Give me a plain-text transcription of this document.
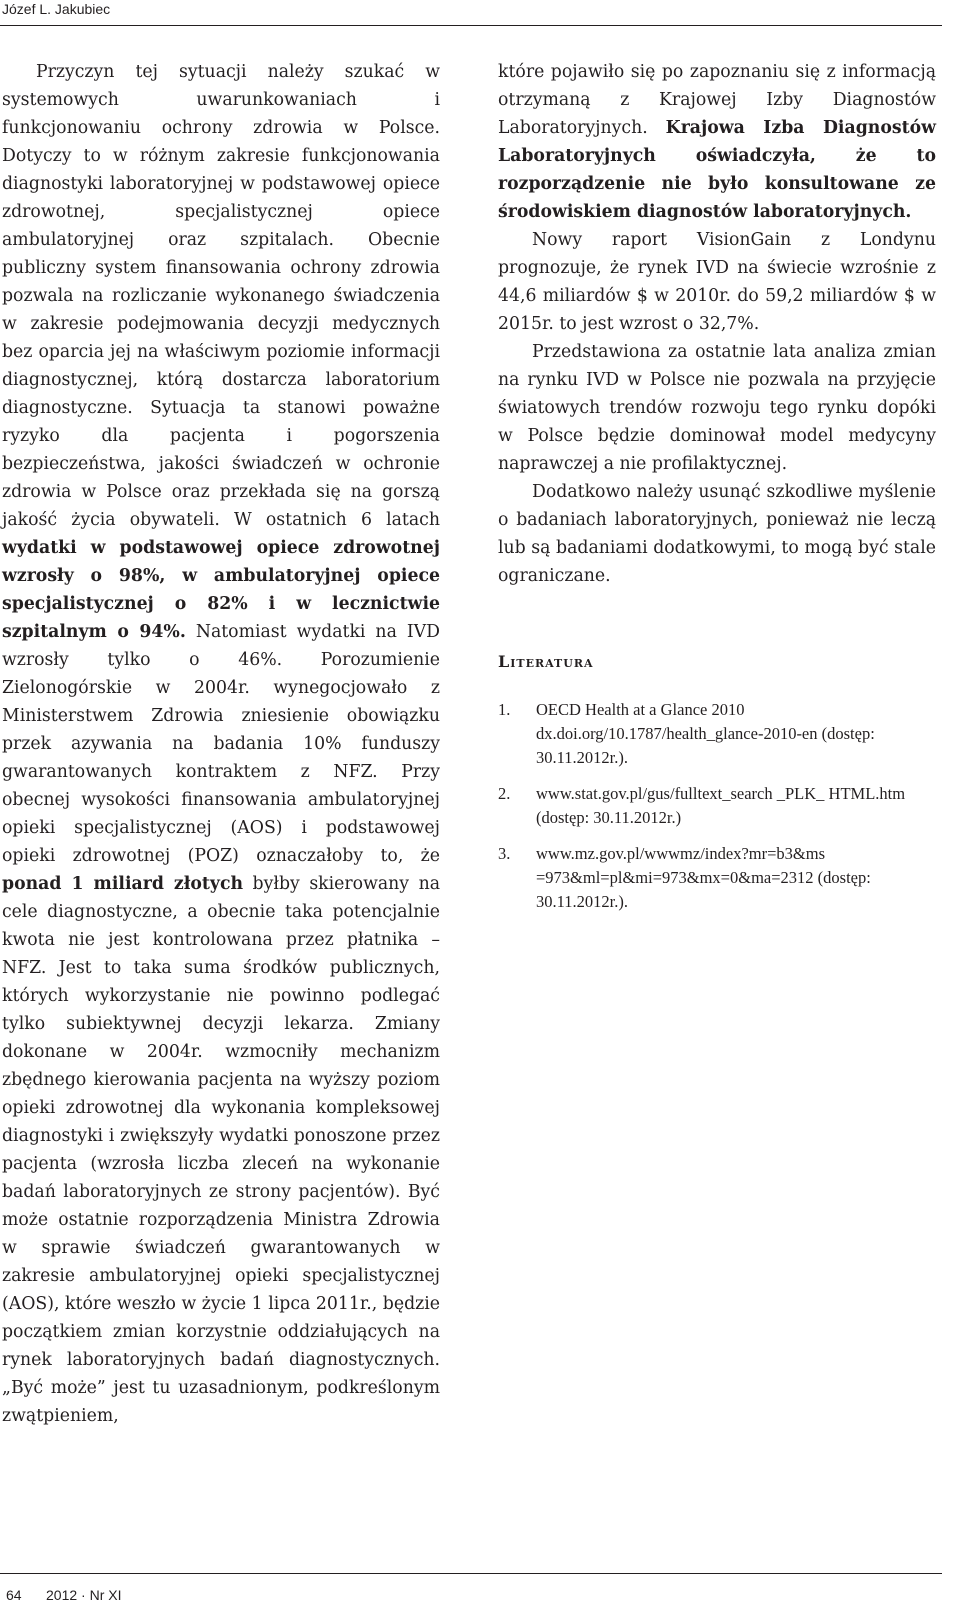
Józef L. Jakubiec

Przyczyn tej sytuacji należy szukać w systemowych uwarunkowaniach i funkcjonowaniu ochrony zdrowia w Polsce. Dotyczy to w różnym zakresie funkcjonowania diagnostyki laboratoryjnej w podstawowej opiece zdrowotnej, specjalistycznej opiece ambulatoryjnej oraz szpitalach. Obecnie publiczny system finansowania ochrony zdrowia pozwala na rozliczanie wykonanego świadczenia w zakresie podejmowania decyzji medycznych bez oparcia jej na właściwym poziomie informacji diagnostycznej, którą dostarcza laboratorium diagnostyczne. Sytuacja ta stanowi poważne ryzyko dla pacjenta i pogorszenia bezpieczeństwa, jakości świadczeń w ochronie zdrowia w Polsce oraz przekłada się na gorszą jakość życia obywateli. W ostatnich 6 latach wydatki w podstawowej opiece zdrowotnej wzrosły o 98%, w ambulatoryjnej opiece specjalistycznej o 82% i w lecznictwie szpitalnym o 94%. Natomiast wydatki na IVD wzrosły tylko o 46%. Porozumienie Zielonogórskie w 2004r. wynegocjowało z Ministerstwem Zdrowia zniesienie obowiązku przek azywania na badania 10% funduszy gwarantowanych kontraktem z NFZ. Przy obecnej wysokości finansowania ambulatoryjnej opieki specjalistycznej (AOS) i podstawowej opieki zdrowotnej (POZ) oznaczałoby to, że ponad 1 miliard złotych byłby skierowany na cele diagnostyczne, a obecnie taka potencjalnie kwota nie jest kontrolowana przez płatnika – NFZ. Jest to taka suma środków publicznych, których wykorzystanie nie powinno podlegać tylko subiektywnej decyzji lekarza. Zmiany dokonane w 2004r. wzmocniły mechanizm zbędnego kierowania pacjenta na wyższy poziom opieki zdrowotnej dla wykonania kompleksowej diagnostyki i zwiększyły wydatki ponoszone przez pacjenta (wzrosła liczba zleceń na wykonanie badań laboratoryjnych ze strony pacjentów). Być może ostatnie rozporządzenia Ministra Zdrowia w sprawie świadczeń gwarantowanych w zakresie ambulatoryjnej opieki specjalistycznej (AOS), które weszło w życie 1 lipca 2011r., będzie początkiem zmian korzystnie oddziałujących na rynek laboratoryjnych badań diagnostycznych. „Być może” jest tu uzasadnionym, podkreślonym zwątpieniem,

które pojawiło się po zapoznaniu się z informacją otrzymaną z Krajowej Izby Diagnostów Laboratoryjnych. Krajowa Izba Diagnostów Laboratoryjnych oświadczyła, że to rozporządzenie nie było konsultowane ze środowiskiem diagnostów laboratoryjnych.

Nowy raport VisionGain z Londynu prognozuje, że rynek IVD na świecie wzrośnie z 44,6 miliardów $ w 2010r. do 59,2 miliardów $ w 2015r. to jest wzrost o 32,7%.

Przedstawiona za ostatnie lata analiza zmian na rynku IVD w Polsce nie pozwala na przyjęcie światowych trendów rozwoju tego rynku dopóki w Polsce będzie dominował model medycyny naprawczej a nie profilaktycznej.

Dodatkowo należy usunąć szkodliwe myślenie o badaniach laboratoryjnych, ponieważ nie leczą lub są badaniami dodatkowymi, to mogą być stale ograniczane.

Literatura
1.	OECD Health at a Glance 2010 dx.doi.org/10.1787/health_glance-2010-en (dostęp: 30.11.2012r.).
2.	www.stat.gov.pl/gus/fulltext_search _PLK_ HTML.htm (dostęp: 30.11.2012r.)
3.	www.mz.gov.pl/wwwmz/index?mr=b3&ms =973&ml=pl&mi=973&mx=0&ma=2312 (dostęp: 30.11.2012r.).
64 2012 · Nr XI
